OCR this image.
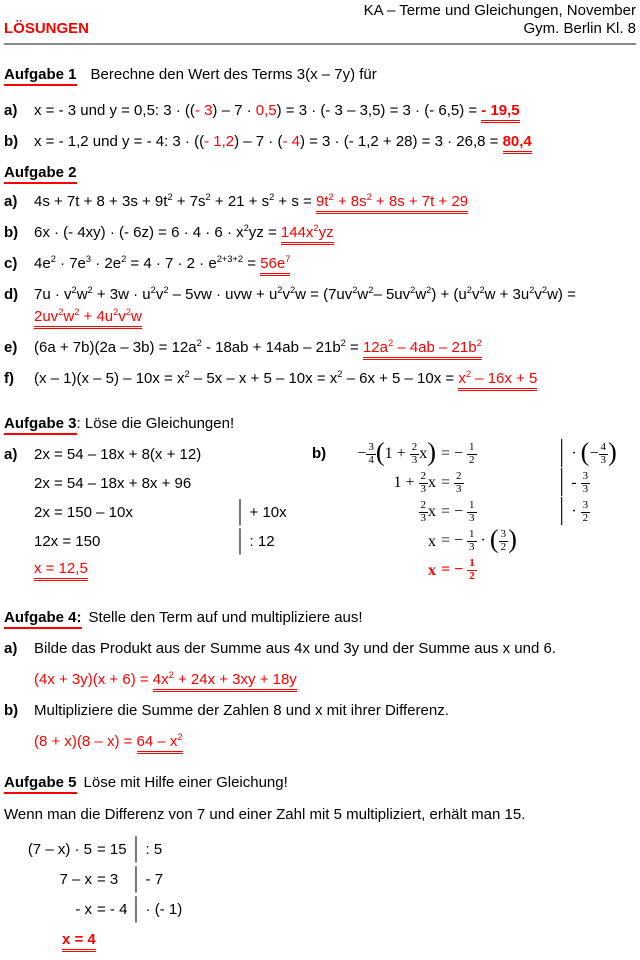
KA – Terme und Gleichungen, November
LÖSUNGEN	Gym. Berlin Kl. 8
Aufgabe 1 Berechne den Wert des Terms 3(x – 7y) für
a)	x = - 3 und y = 0,5: 3 · ((- 3) – 7 · 0,5) = 3 · (- 3 – 3,5) = 3 · (- 6,5) = - 19,5
b)	x = - 1,2 und y = - 4: 3 · ((- 1,2) – 7 · (- 4) = 3 · (- 1,2 + 28) = 3 · 26,8 = 80,4
Aufgabe 2
a)	$4s + 7t + 8 + 3s + 9t^2 + 7s^2 + 21 + s^2 + s = 9t^2 + 8s^2 + 8s + 7t + 29$
b)	6x · (- 4xy) · (- $6z) = 6 \cdot 4 \cdot 6 \cdot x^2yz = 144x^2yz$
c)	$4e^2 \cdot 7e^3 \cdot 2e^2 = 4 \cdot 7 \cdot 2 \cdot e^{2+3+2} = 56e^7$
d)	$7u \cdot v^2w^2 + 3w \cdot u^2v^2 - 5vw$ · uvw + $u^2v^2w = (7uv^2w^2-$ $5uv^2w^2) + (u^2v^2w + 3u^2v^2w)$ =
$2uv^2w^2 + 4u^2v^2w$
e)	$(6a + 7b)(2a - 3b) = 12a^2 - 18ab + 14ab - 21b^2 = 12a^2 - 4ab - 21b^2$
f)	$(x - 1)(x - 5) - 10x = x^2 - 5x - x + 5 - 10x = x^2 - 6x + 5 - 10x = x^2 - 16x + 5$
Aufgabe 3: Löse die Gleichungen!
a)	2x = 54 – 18x + 8(x + 12)
2x = 54 – 18x + 8x + 96
2x = 150 – 10x	│ + 10x
12x = 150	│ : 12
x = 12,5
b)	− $\frac{3}{4} (1 + \frac{2}{3} x)$ = − $\frac{1}{2}$	│ · (− $\frac{4}{3}$ )
$1 + \frac{2}{3}$ $x = \frac{2}{3}$	│ - $\frac{3}{3}$
$\frac{2}{3}$ x = − $\frac{1}{3}$	│ · $\frac{3}{2}$
x = − $\frac{1}{3}$ · ( $\frac{3}{2}$ )
x = − $\frac{1}{2}$
Aufgabe 4: Stelle den Term auf und multipliziere aus!
a)	Bilde das Produkt aus der Summe aus 4x und 3y und der Summe aus x und 6.
$(4x + 3y)(x + 6) = 4x^2 + 24x + 3xy + 18y$
b)	Multipliziere die Summe der Zahlen 8 und x mit ihrer Differenz.
$(8 + x)(8 - x) = 64 - x^2$
Aufgabe 5 Löse mit Hilfe einer Gleichung!
Wenn man die Differenz von 7 und einer Zahl mit 5 multipliziert, erhält man 15.
(7 – x) · 5 = 15 │ : 5
7 – x = 3 │ - 7
- x = - 4 │ · (- 1)
x = 4
